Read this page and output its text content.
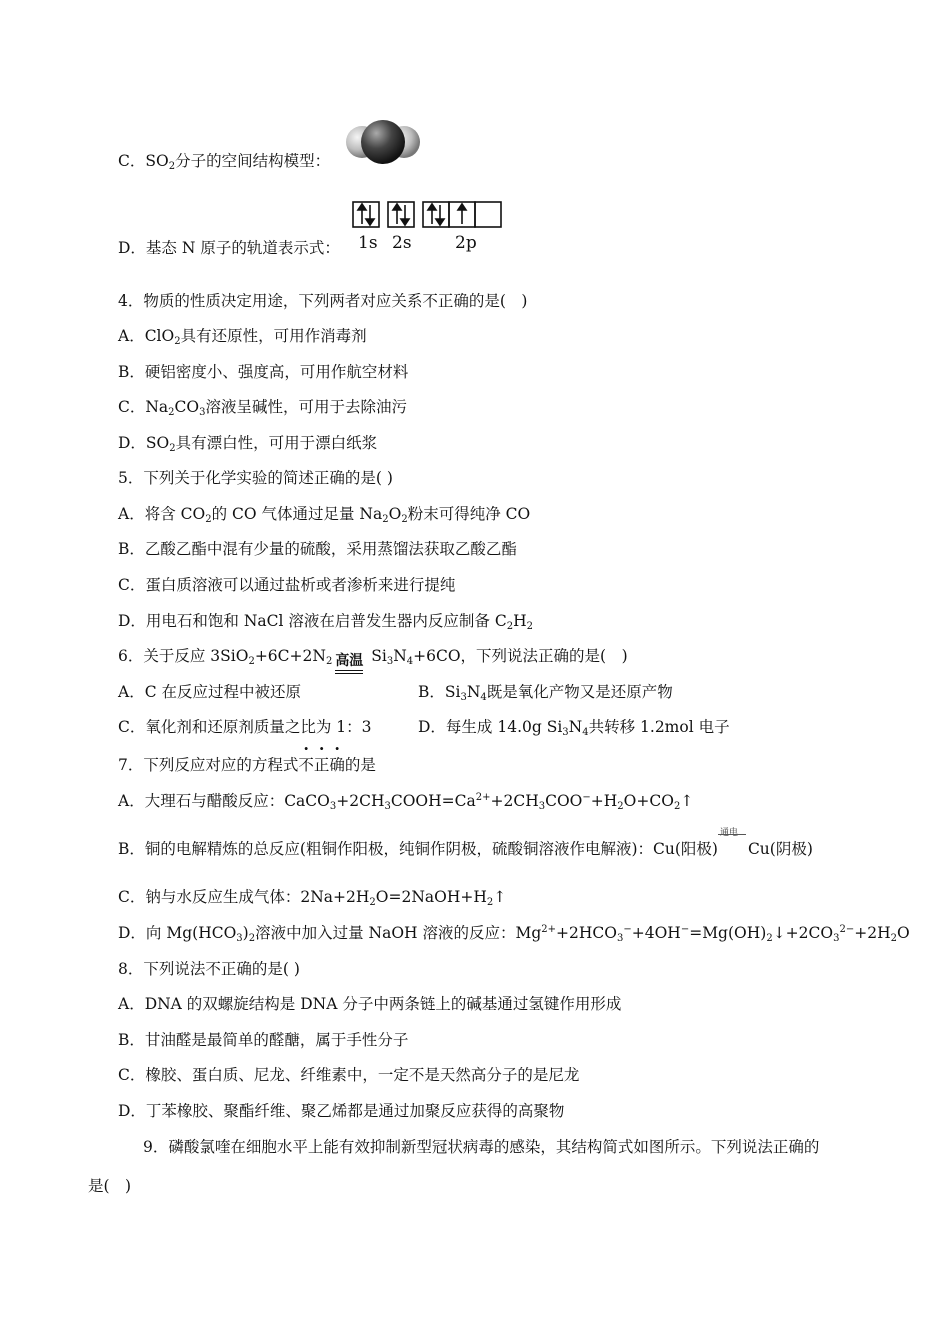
1s 2s	2p
C．$SO_2$分子的空间结构模型：
D．基态 N 原子的轨道表示式：
4．物质的性质决定用途，下列两者对应关系不正确的是(　)
A．ClO$_2$具有还原性，可用作消毒剂
B．硬铝密度小、强度高，可用作航空材料
C．$Na_2CO_3$溶液呈碱性，可用于去除油污
D．$SO_2$具有漂白性，可用于漂白纸浆
5．下列关于化学实验的简述正确的是( )
A．将含 $CO_2$的 CO 气体通过足量 $Na_2O_2$粉末可得纯净 CO
B．乙酸乙酯中混有少量的硫酸，采用蒸馏法获取乙酸乙酯
C．蛋白质溶液可以通过盐析或者渗析来进行提纯
D．用电石和饱和 NaCl 溶液在启普发生器内反应制备 $C_2H_2$
6．关于反应 $3SiO_2+6C+2N_2$ 高温 $Si_3N_4+6CO$，下列说法正确的是(　)
A．C 在反应过程中被还原	B．$Si_3N_4$既是氧化产物又是还原产物
C．氧化剂和还原剂质量之比为 1：3	D．每生成 14.0g $Si_3N_4$共转移 1.2mol 电子
7．下列反应对应的方程式不正确的是
A．大理石与醋酸反应：$CaCO_3+2CH_3COOH=Ca^{2+}+2CH_3COO^-+H_2O+CO_2↑$
B．铜的电解精炼的总反应(粗铜作阳极，纯铜作阴极，硫酸铜溶液作电解液)：Cu(阳极)
通电
Cu(阴极)
C．钠与水反应生成气体：$2Na+2H_2O=2NaOH+H_2↑$
D．向 $Mg(HCO_3)_2$溶液中加入过量 NaOH 溶液的反应：$Mg^{2+}+2HCO_3^-+4OH^-=Mg(OH)_2↓+2CO_3^{2-}+2H_2O$
8．下列说法不正确的是( )
A．DNA 的双螺旋结构是 DNA 分子中两条链上的碱基通过氢键作用形成
B．甘油醛是最简单的醛醣，属于手性分子
C．橡胶、蛋白质、尼龙、纤维素中，一定不是天然高分子的是尼龙
D．丁苯橡胶、聚酯纤维、聚乙烯都是通过加聚反应获得的高聚物
9．磷酸氯喹在细胞水平上能有效抑制新型冠状病毒的感染，其结构简式如图所示。下列说法正确的
是(　)
